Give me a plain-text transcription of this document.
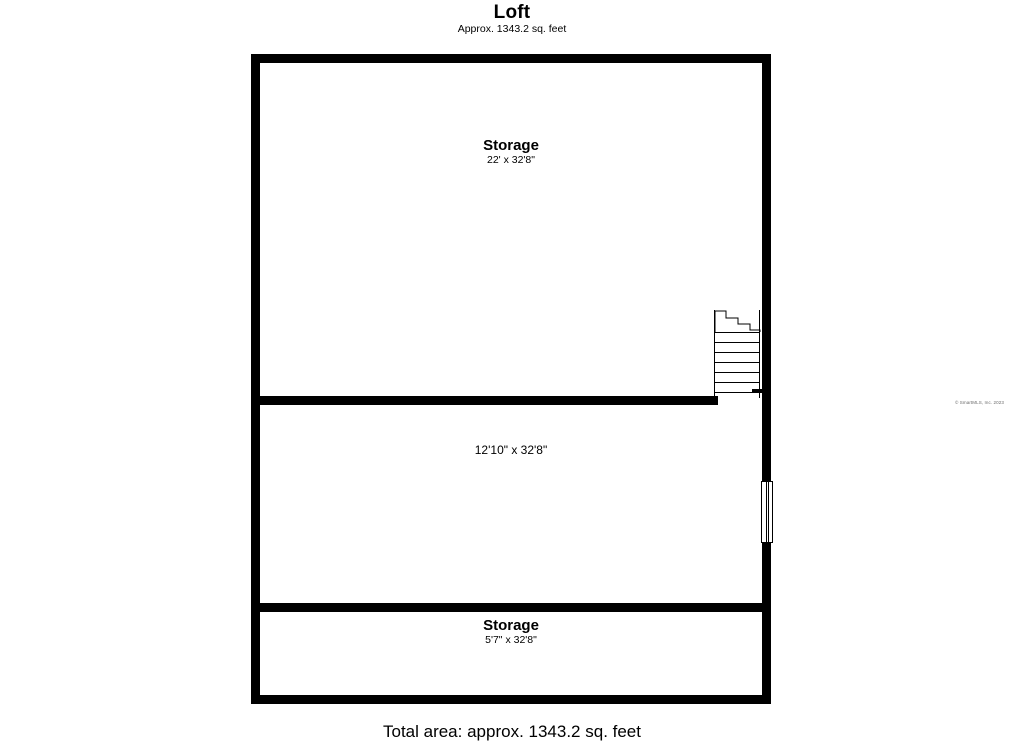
Loft
Approx. 1343.2 sq. feet
Storage
22' x 32'8"
12'10" x 32'8"
Storage
5'7" x 32'8"
Total area: approx. 1343.2 sq. feet
© SmartMLS, Inc. 2023
